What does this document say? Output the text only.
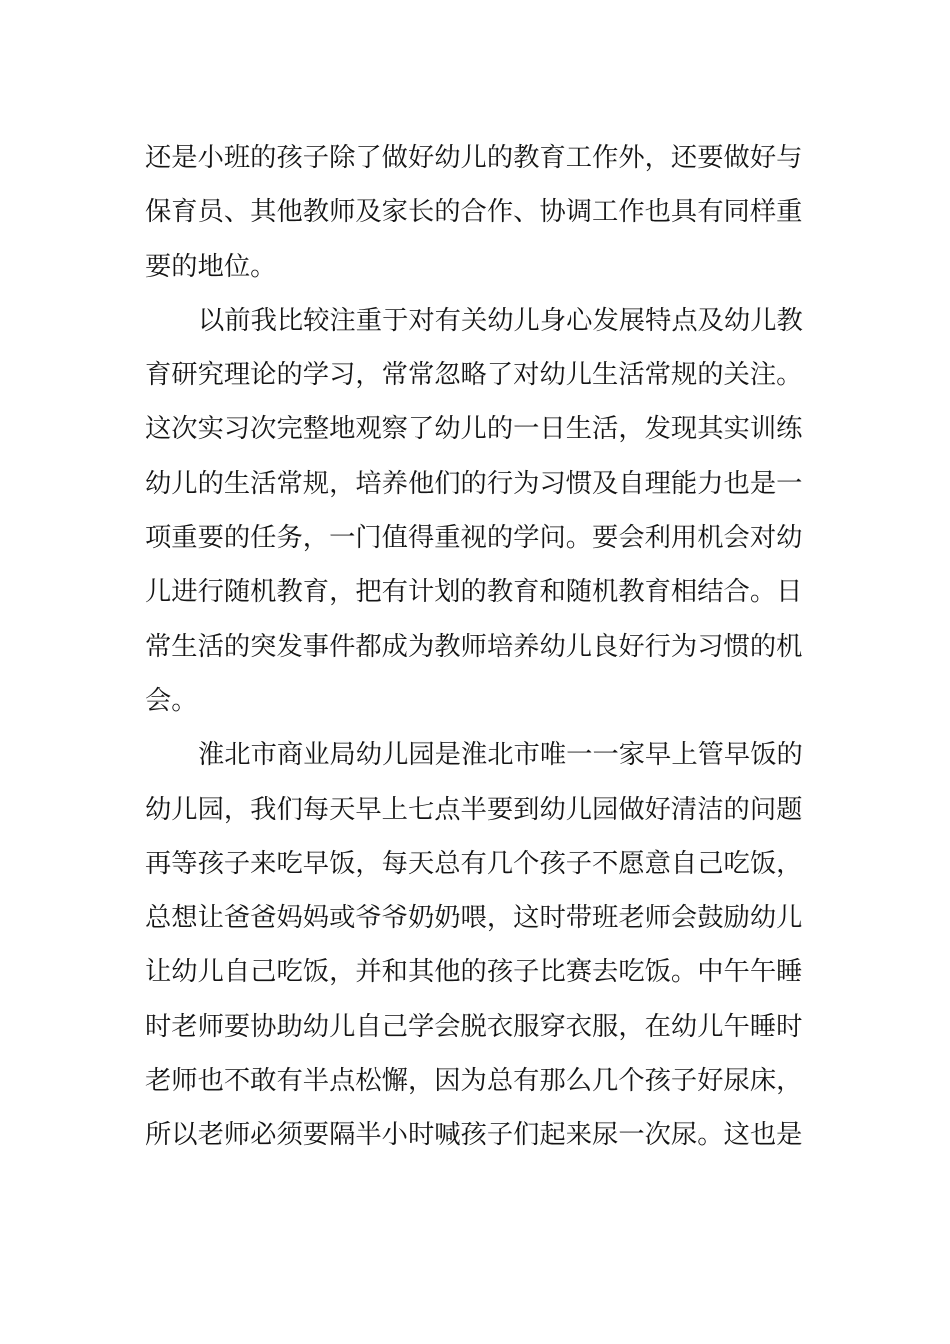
还是小班的孩子除了做好幼儿的教育工作外，还要做好与
保育员、其他教师及家长的合作、协调工作也具有同样重
要的地位。
以前我比较注重于对有关幼儿身心发展特点及幼儿教
育研究理论的学习，常常忽略了对幼儿生活常规的关注。
这次实习次完整地观察了幼儿的一日生活，发现其实训练
幼儿的生活常规，培养他们的行为习惯及自理能力也是一
项重要的任务，一门值得重视的学问。要会利用机会对幼
儿进行随机教育，把有计划的教育和随机教育相结合。日
常生活的突发事件都成为教师培养幼儿良好行为习惯的机
会。
淮北市商业局幼儿园是淮北市唯一一家早上管早饭的
幼儿园，我们每天早上七点半要到幼儿园做好清洁的问题
再等孩子来吃早饭，每天总有几个孩子不愿意自己吃饭，
总想让爸爸妈妈或爷爷奶奶喂，这时带班老师会鼓励幼儿
让幼儿自己吃饭，并和其他的孩子比赛去吃饭。中午午睡
时老师要协助幼儿自己学会脱衣服穿衣服，在幼儿午睡时
老师也不敢有半点松懈，因为总有那么几个孩子好尿床，
所以老师必须要隔半小时喊孩子们起来尿一次尿。这也是
